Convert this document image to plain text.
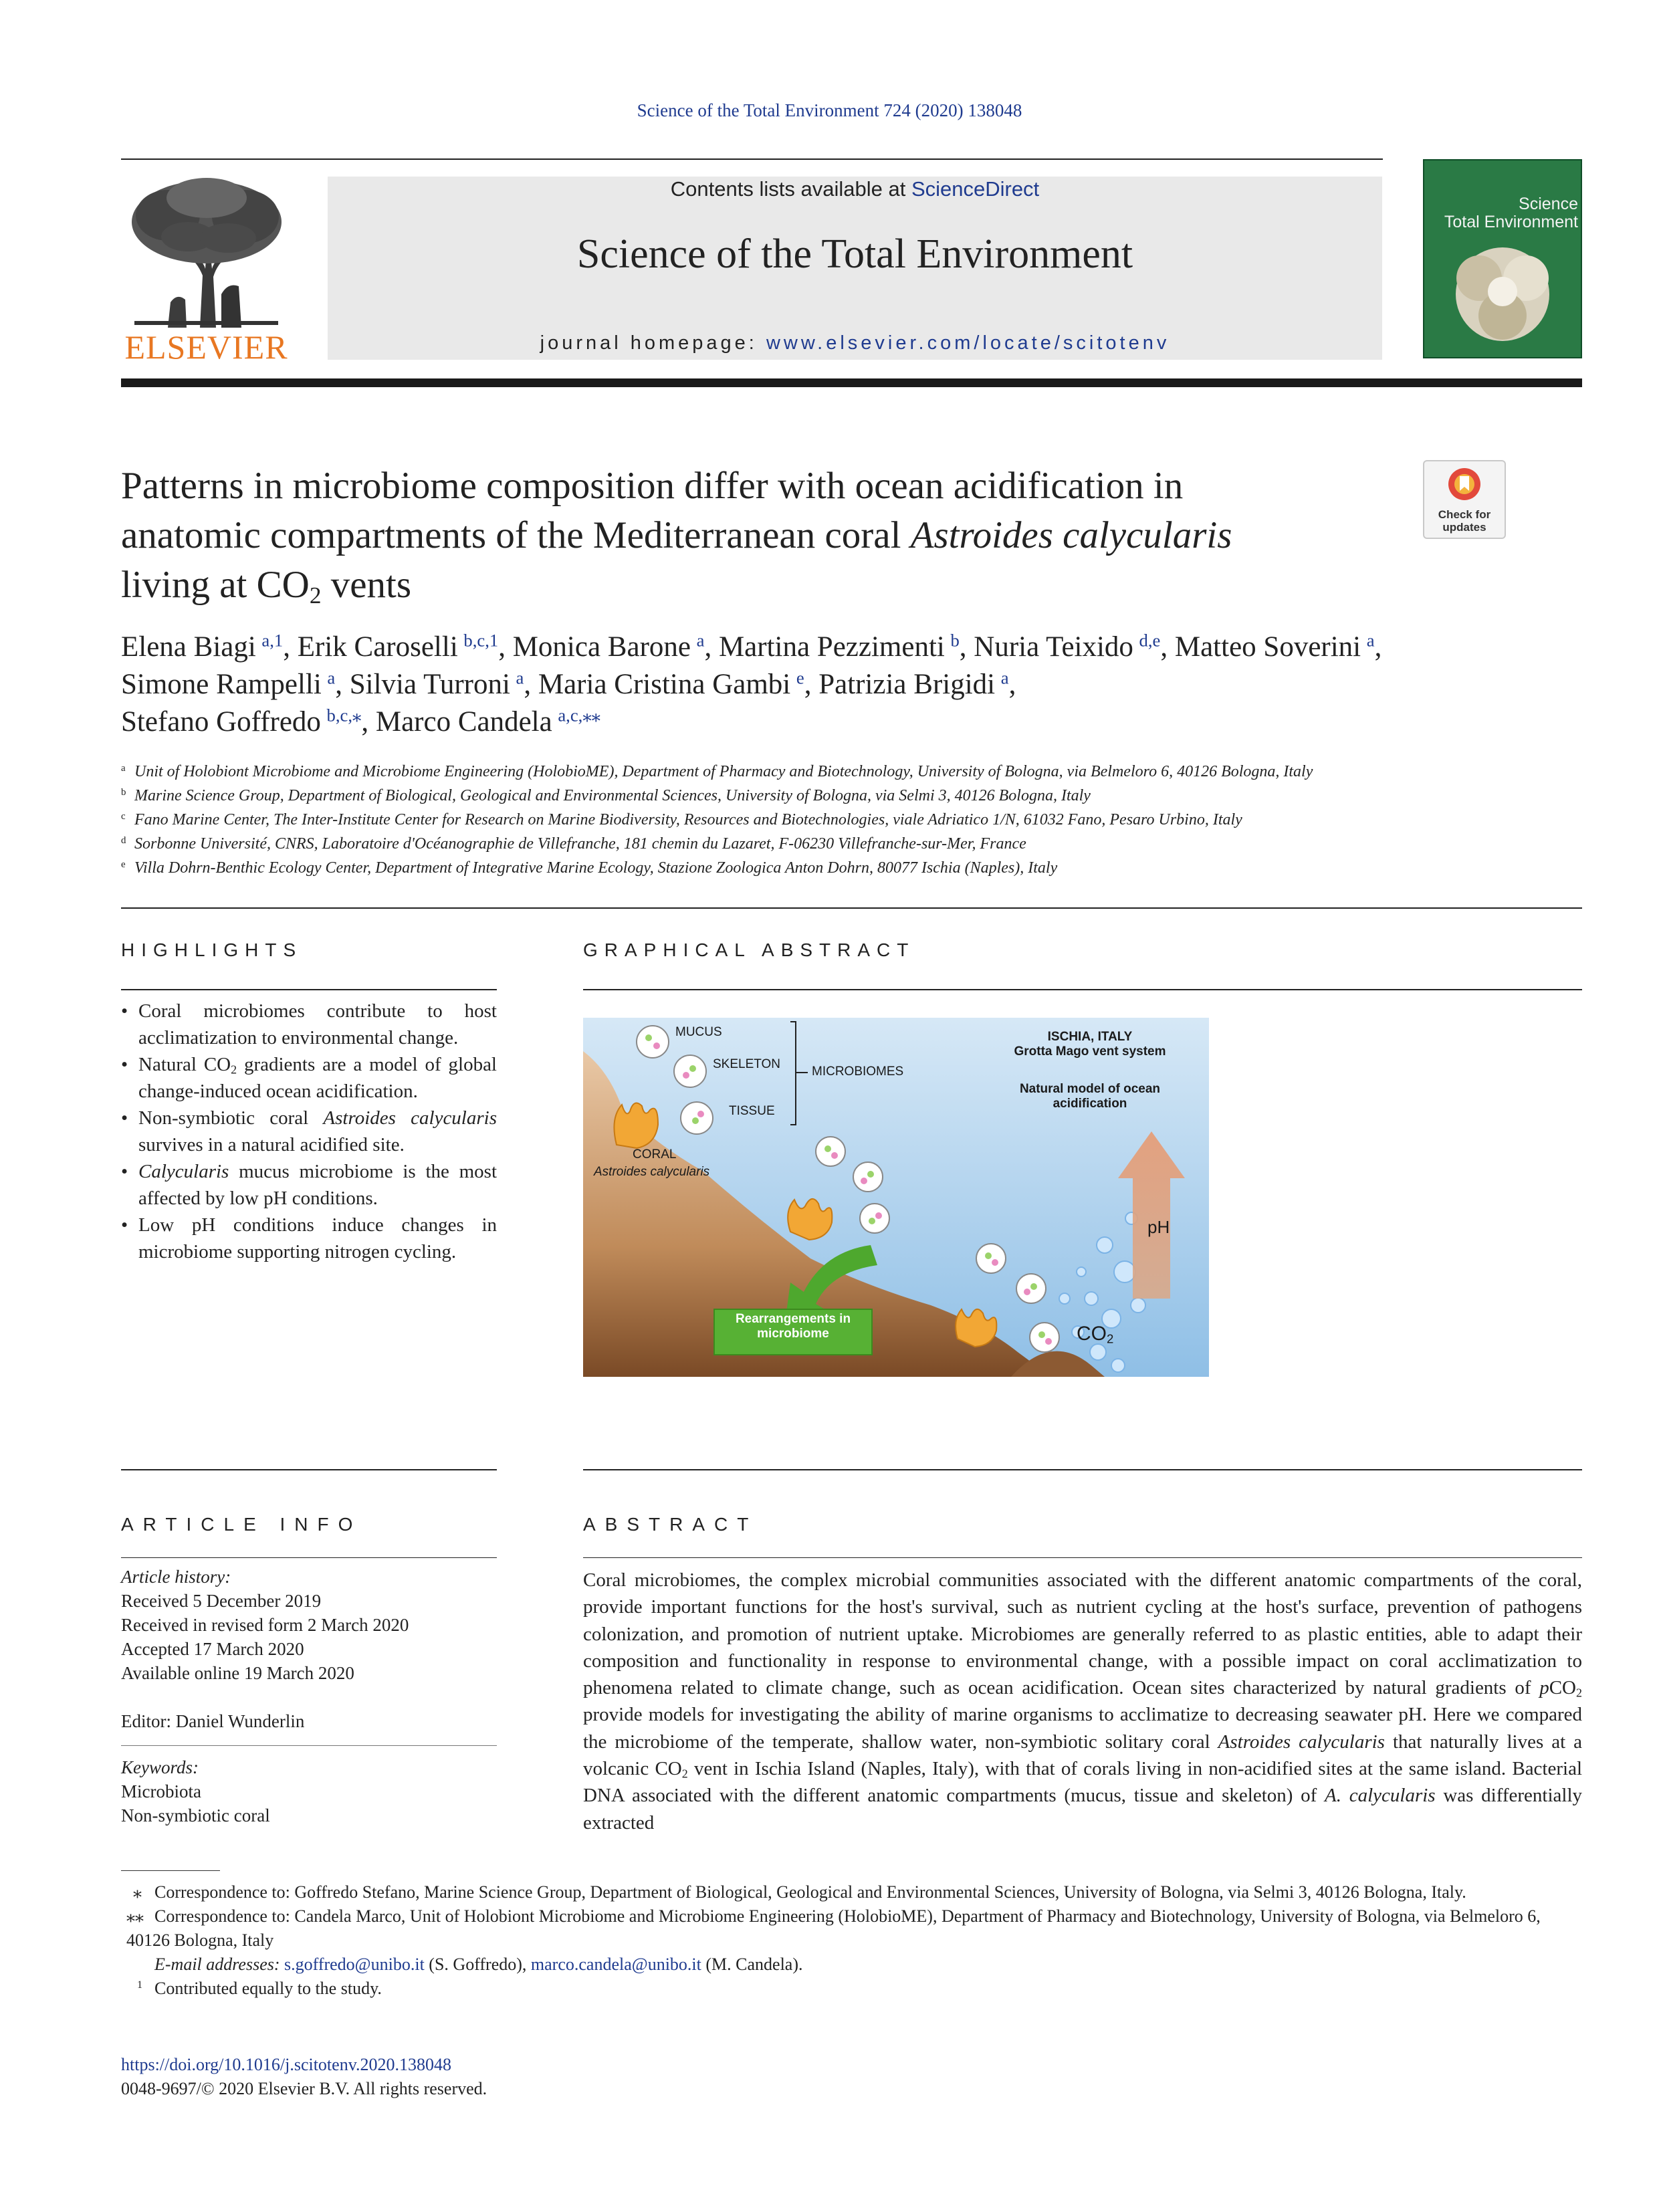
Science of the Total Environment 724 (2020) 138048
ELSEVIER
Contents lists available at ScienceDirect
Science of the Total Environment
journal homepage: www.elsevier.com/locate/scitotenv
Science
Total Environment
Patterns in microbiome composition differ with ocean acidification in
anatomic compartments of the Mediterranean coral Astroides calycularis
living at $CO_2$ vents
Check for
updates
Elena Biagi  $^{a,1}$, Erik Caroselli  $^{b,c,1}$, Monica Barone  $^a$, Martina Pezzimenti  $^b$, Nuria Teixido  $^{d,e}$, Matteo Soverini  $^a$,
Simone Rampelli  $^a$, Silvia Turroni  $^a$, Maria Cristina Gambi  $^e$, Patrizia Brigidi  $^a$,
Stefano Goffredo  $^{b,c,⁎}$, Marco Candela  $^{a,c,⁎⁎}$
$^a$ Unit of Holobiont Microbiome and Microbiome Engineering (HolobioME), Department of Pharmacy and Biotechnology, University of Bologna, via Belmeloro 6, 40126 Bologna, Italy
$^b$ Marine Science Group, Department of Biological, Geological and Environmental Sciences, University of Bologna, via Selmi 3, 40126 Bologna, Italy
$^c$ Fano Marine Center, The Inter-Institute Center for Research on Marine Biodiversity, Resources and Biotechnologies, viale Adriatico 1/N, 61032 Fano, Pesaro Urbino, Italy
$^d$ Sorbonne Université, CNRS, Laboratoire d'Océanographie de Villefranche, 181 chemin du Lazaret, F-06230 Villefranche-sur-Mer, France
$^e$ Villa Dohrn-Benthic Ecology Center, Department of Integrative Marine Ecology, Stazione Zoologica Anton Dohrn, 80077 Ischia (Naples), Italy
HIGHLIGHTS
• Coral microbiomes contribute to host acclimatization to environmental change.
• Natural $CO_2$ gradients are a model of global change-induced ocean acidification.
• Non-symbiotic coral Astroides calycularis survives in a natural acidified site.
• Calycularis mucus microbiome is the most affected by low pH conditions.
• Low pH conditions induce changes in microbiome supporting nitrogen cycling.
GRAPHICAL ABSTRACT
MUCUS
SKELETON
TISSUE
MICROBIOMES
ISCHIA, ITALY
Grotta Mago vent system
Natural model of ocean
acidification
CORAL
Astroides calycularis
pH
Rearrangements in
microbiome	$CO_2$
ARTICLE INFO
Article history:
Received 5 December 2019
Received in revised form 2 March 2020
Accepted 17 March 2020
Available online 19 March 2020
Editor: Daniel Wunderlin
Keywords:
Microbiota
Non-symbiotic coral
ABSTRACT
Coral microbiomes, the complex microbial communities associated with the different anatomic compartments of the coral, provide important functions for the host's survival, such as nutrient cycling at the host's surface, prevention of pathogens colonization, and promotion of nutrient uptake. Microbiomes are generally referred to as plastic entities, able to adapt their composition and functionality in response to environmental change, with a possible impact on coral acclimatization to phenomena related to climate change, such as ocean acidification. Ocean sites characterized by natural gradients of pCO$_2$ provide models for investigating the ability of marine organisms to acclimatize to decreasing seawater pH. Here we compared the microbiome of the temperate, shallow water, non-symbiotic solitary coral Astroides calycularis that naturally lives at a volcanic $CO_2$ vent in Ischia Island (Naples, Italy), with that of corals living in non-acidified sites at the same island. Bacterial DNA associated with the different anatomic compartments (mucus, tissue and skeleton) of A. calycularis was differentially extracted
⁎ Correspondence to: Goffredo Stefano, Marine Science Group, Department of Biological, Geological and Environmental Sciences, University of Bologna, via Selmi 3, 40126 Bologna, Italy.
⁎⁎ Correspondence to: Candela Marco, Unit of Holobiont Microbiome and Microbiome Engineering (HolobioME), Department of Pharmacy and Biotechnology, University of Bologna, via Belmeloro 6, 40126 Bologna, Italy
E-mail addresses: s.goffredo@unibo.it (S. Goffredo), marco.candela@unibo.it (M. Candela).
$^1$ Contributed equally to the study.
https://doi.org/10.1016/j.scitotenv.2020.138048
0048-9697/© 2020 Elsevier B.V. All rights reserved.
